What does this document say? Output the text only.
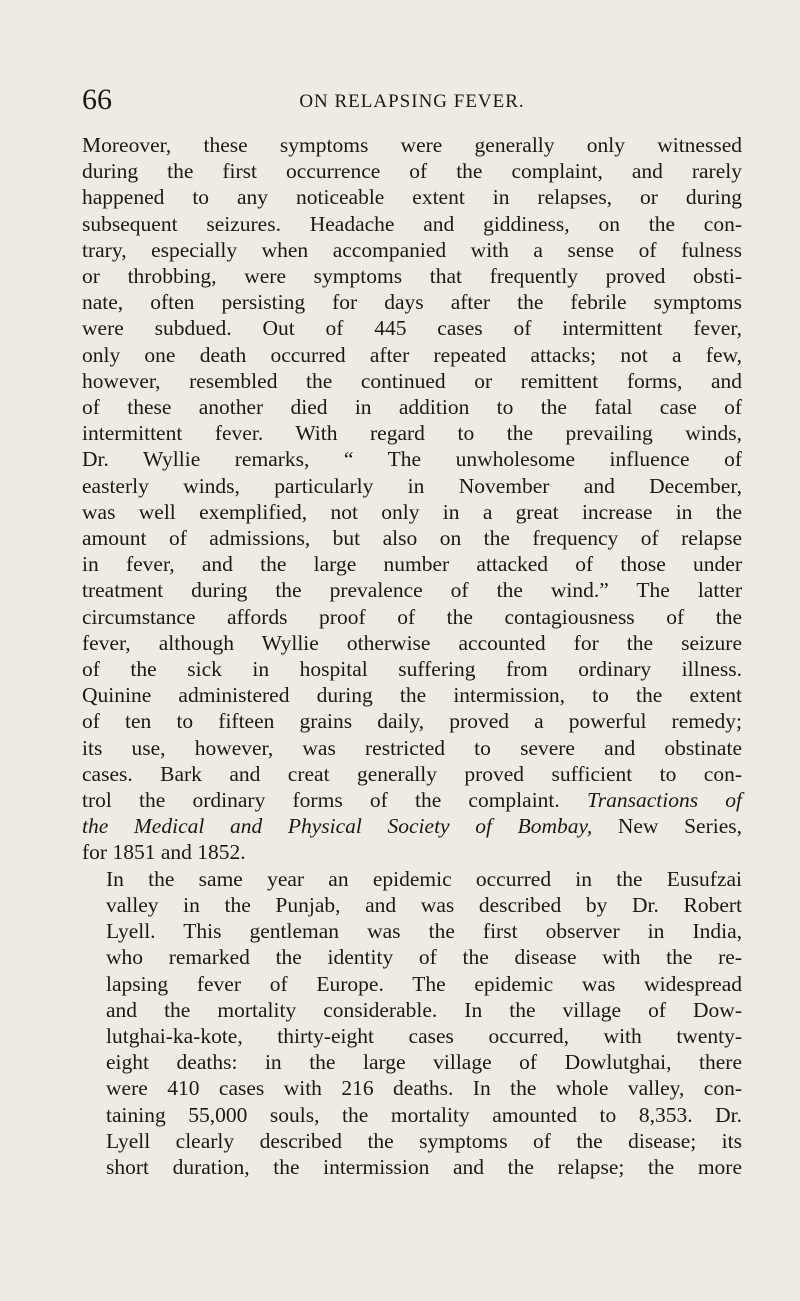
66	ON RELAPSING FEVER.

Moreover, these symptoms were generally only witnessed
during the first occurrence of the complaint, and rarely
happened to any noticeable extent in relapses, or during
subsequent seizures. Headache and giddiness, on the con-
trary, especially when accompanied with a sense of fulness
or throbbing, were symptoms that frequently proved obsti-
nate, often persisting for days after the febrile symptoms
were subdued. Out of 445 cases of intermittent fever,
only one death occurred after repeated attacks; not a few,
however, resembled the continued or remittent forms, and
of these another died in addition to the fatal case of
intermittent fever. With regard to the prevailing winds,
Dr. Wyllie remarks, “ The unwholesome influence of
easterly winds, particularly in November and December,
was well exemplified, not only in a great increase in the
amount of admissions, but also on the frequency of relapse
in fever, and the large number attacked of those under
treatment during the prevalence of the wind.” The latter
circumstance affords proof of the contagiousness of the
fever, although Wyllie otherwise accounted for the seizure
of the sick in hospital suffering from ordinary illness.
Quinine administered during the intermission, to the extent
of ten to fifteen grains daily, proved a powerful remedy;
its use, however, was restricted to severe and obstinate
cases. Bark and creat generally proved sufficient to con-
trol the ordinary forms of the complaint. Transactions of
the Medical and Physical Society of Bombay, New Series,
for 1851 and 1852.

In the same year an epidemic occurred in the Eusufzai
valley in the Punjab, and was described by Dr. Robert
Lyell. This gentleman was the first observer in India,
who remarked the identity of the disease with the re-
lapsing fever of Europe. The epidemic was widespread
and the mortality considerable. In the village of Dow-
lutghai-ka-kote, thirty-eight cases occurred, with twenty-
eight deaths: in the large village of Dowlutghai, there
were 410 cases with 216 deaths. In the whole valley, con-
taining 55,000 souls, the mortality amounted to 8,353. Dr.
Lyell clearly described the symptoms of the disease; its
short duration, the intermission and the relapse; the more
